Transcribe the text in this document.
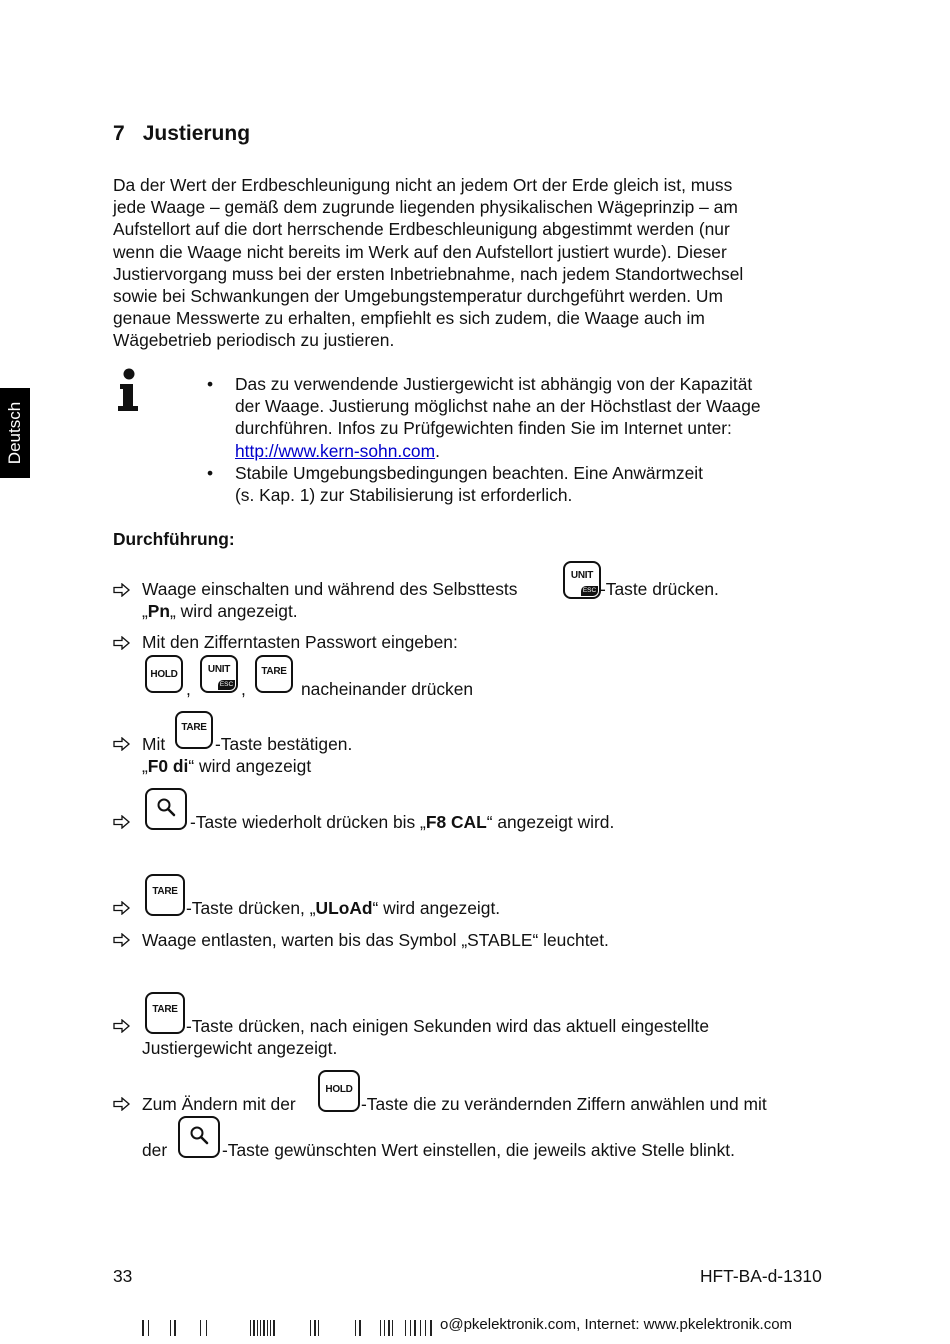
Deutsch
7 Justierung
Da der Wert der Erdbeschleunigung nicht an jedem Ort der Erde gleich ist, muss
jede Waage – gemäß dem zugrunde liegenden physikalischen Wägeprinzip – am
Aufstellort auf die dort herrschende Erdbeschleunigung abgestimmt werden (nur
wenn die Waage nicht bereits im Werk auf den Aufstellort justiert wurde). Dieser
Justiervorgang muss bei der ersten Inbetriebnahme, nach jedem Standortwechsel
sowie bei Schwankungen der Umgebungstemperatur durchgeführt werden. Um
genaue Messwerte zu erhalten, empfiehlt es sich zudem, die Waage auch im
Wägebetrieb periodisch zu justieren.
• Das zu verwendende Justiergewicht ist abhängig von der Kapazität
der Waage. Justierung möglichst nahe an der Höchstlast der Waage
durchführen. Infos zu Prüfgewichten finden Sie im Internet unter:
http://www.kern-sohn.com.
• Stabile Umgebungsbedingungen beachten. Eine Anwärmzeit
(s. Kap. 1) zur Stabilisierung ist erforderlich.
Durchführung:
Waage einschalten und während des Selbsttests
UNIT
ESC -Taste drücken.
„Pn„ wird angezeigt.
Mit den Zifferntasten Passwort eingeben:
HOLD
,
UNIT
ESC ,
TARE
nacheinander drücken
Mit
TARE
-Taste bestätigen.
„F0 di“ wird angezeigt
-Taste wiederholt drücken bis „F8 CAL“ angezeigt wird.
TARE
-Taste drücken, „ULoAd“ wird angezeigt.
Waage entlasten, warten bis das Symbol „STABLE“ leuchtet.
TARE
-Taste drücken, nach einigen Sekunden wird das aktuell eingestellte
Justiergewicht angezeigt.
Zum Ändern mit der
HOLD
-Taste die zu verändernden Ziffern anwählen und mit
der	-Taste gewünschten Wert einstellen, die jeweils aktive Stelle blinkt.
33	HFT-BA-d-1310
o@pkelektronik.com, Internet: www.pkelektronik.com
